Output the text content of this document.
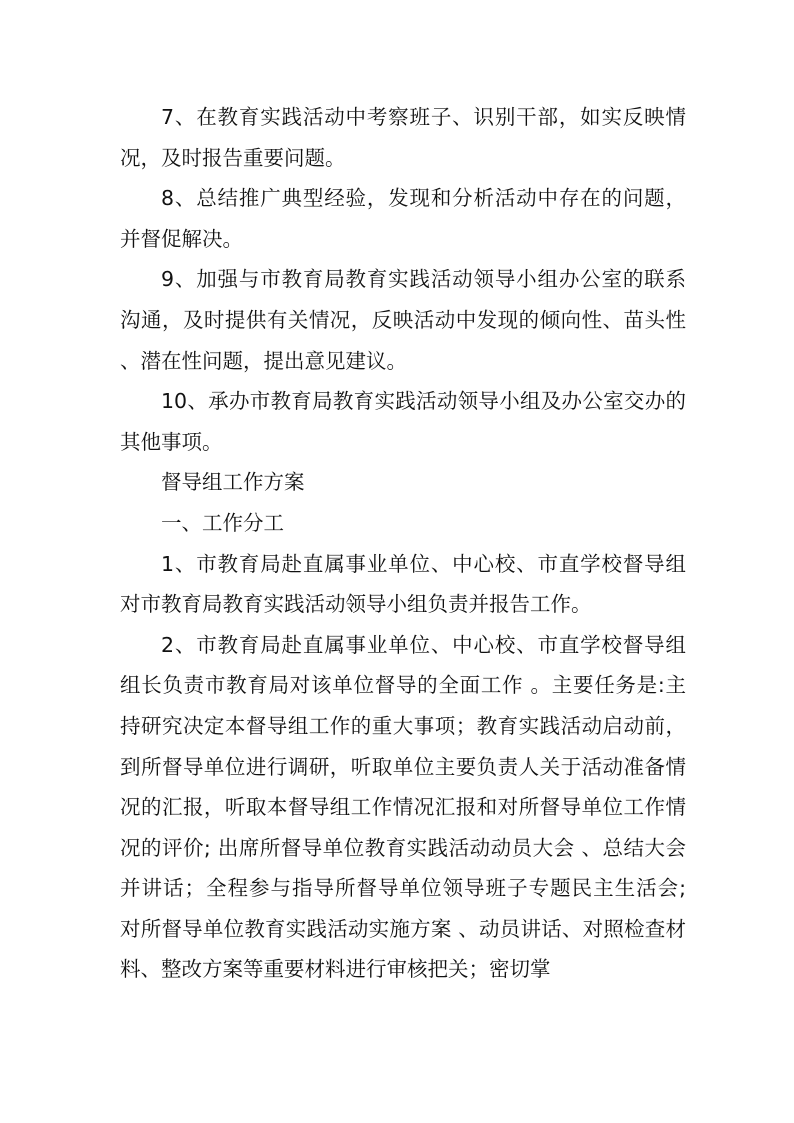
7、在教育实践活动中考察班子、识别干部，如实反映情况，及时报告重要问题。

8、总结推广典型经验，发现和分析活动中存在的问题，并督促解决。

9、加强与市教育局教育实践活动领导小组办公室的联系沟通，及时提供有关情况，反映活动中发现的倾向性、苗头性、潜在性问题，提出意见建议。

10、承办市教育局教育实践活动领导小组及办公室交办的其他事项。

督导组工作方案

一、工作分工

1、市教育局赴直属事业单位、中心校、市直学校督导组对市教育局教育实践活动领导小组负责并报告工作。

2、市教育局赴直属事业单位、中心校、市直学校督导组组长负责市教育局对该单位督导的全面工作 。主要任务是:主持研究决定本督导组工作的重大事项；教育实践活动启动前，到所督导单位进行调研，听取单位主要负责人关于活动准备情况的汇报，听取本督导组工作情况汇报和对所督导单位工作情况的评价; 出席所督导单位教育实践活动动员大会 、总结大会并讲话；全程参与指导所督导单位领导班子专题民主生活会; 对所督导单位教育实践活动实施方案 、动员讲话、对照检查材料、整改方案等重要材料进行审核把关；密切掌
